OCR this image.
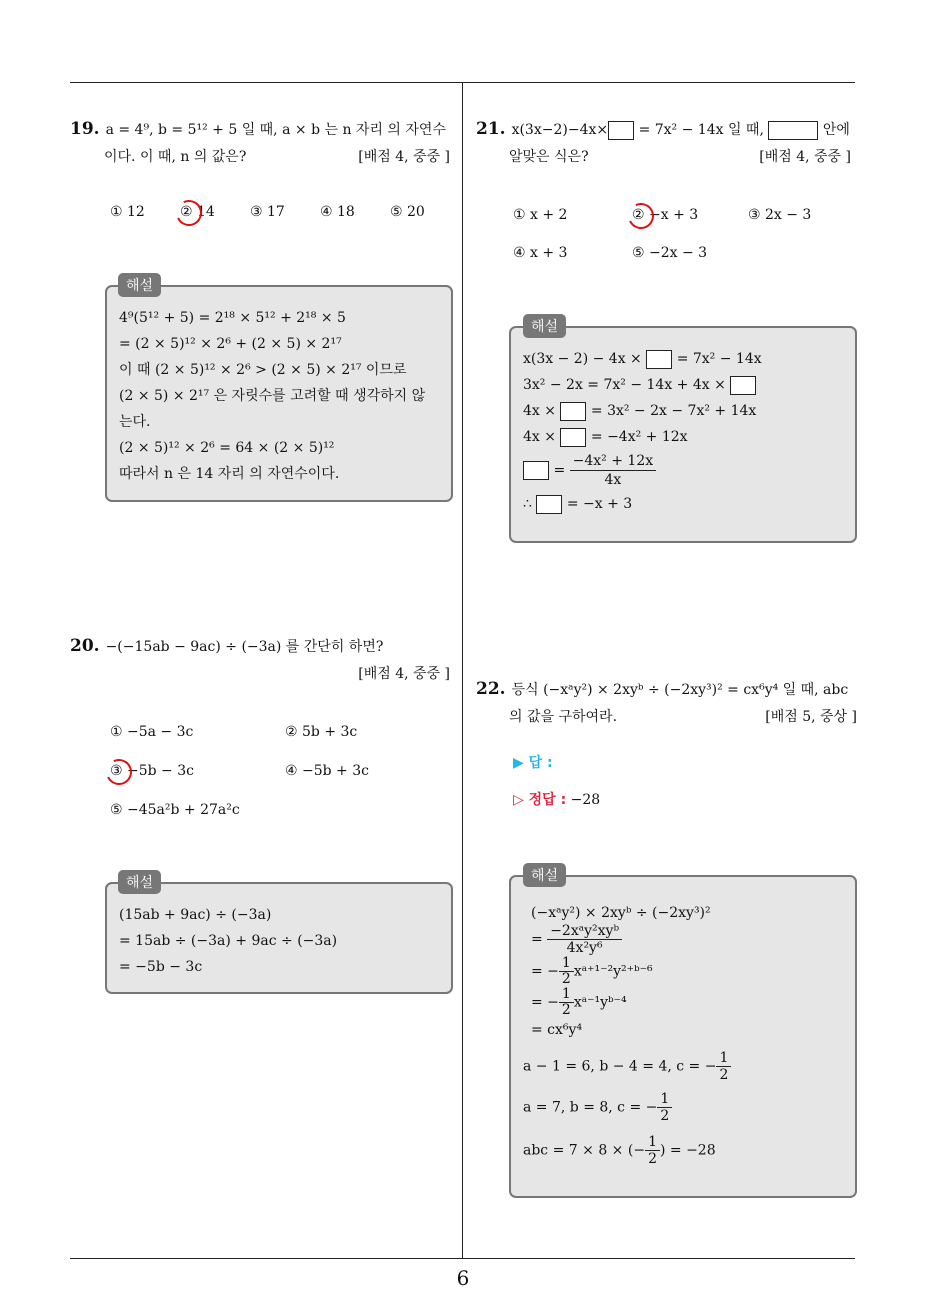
6
19. a = 4⁹, b = 5¹² + 5 일 때, a × b 는 n 자리 의 자연수
이다. 이 때, n 의 값은?	[배점 4, 중중 ]
① 12	② 14	③ 17	④ 18	⑤ 20
4⁹(5¹² + 5) = 2¹⁸ × 5¹² + 2¹⁸ × 5
= (2 × 5)¹² × 2⁶ + (2 × 5) × 2¹⁷
이 때 (2 × 5)¹² × 2⁶ > (2 × 5) × 2¹⁷ 이므로
(2 × 5) × 2¹⁷ 은 자릿수를 고려할 때 생각하지 않
는다.
(2 × 5)¹² × 2⁶ = 64 × (2 × 5)¹²
따라서 n 은 14 자리 의 자연수이다.
해설
20. −(−15ab − 9ac) ÷ (−3a) 를 간단히 하면?
[배점 4, 중중 ]
① −5a − 3c	② 5b + 3c
③ −5b − 3c	④ −5b + 3c
⑤ −45a²b + 27a²c
(15ab + 9ac) ÷ (−3a)
= 15ab ÷ (−3a) + 9ac ÷ (−3a)
= −5b − 3c
해설
21. x(3x−2)−4x× = 7x² − 14x 일 때,	안에
알맞은 식은?	[배점 4, 중중 ]
① x + 2	② −x + 3	③ 2x − 3
④ x + 3	⑤ −2x − 3
x(3x − 2) − 4x × = 7x² − 14x
3x² − 2x = 7x² − 14x + 4x ×
4x × = 3x² − 2x − 7x² + 14x
4x × = −4x² + 12x
= $\frac{\text{−4x² + 12x}}{4x}$
∴ = −x + 3
해설
22. 등식 (−xᵃy²) × 2xyᵇ ÷ (−2xy³)² = cx⁶y⁴ 일 때, abc
의 값을 구하여라.	[배점 5, 중상 ]
▶ 답 :
▷ 정답 : −28
(−xᵃy²) × 2xyᵇ ÷ (−2xy³)²
= $\frac{\text{−2xᵃy²xyᵇ}}{\text{4x²y⁶}}$
= − $\frac{1}{2}$ xᵃ⁺¹⁻²y²⁺ᵇ⁻⁶
= − $\frac{1}{2}$ xᵃ⁻¹yᵇ⁻⁴
= cx⁶y⁴
a − 1 = 6, b − 4 = 4, c = − $\frac{1}{2}$
a = 7, b = 8, c = − $\frac{1}{2}$
abc = 7 × 8 × (− $\frac{1}{2}$ ) = −28
해설
